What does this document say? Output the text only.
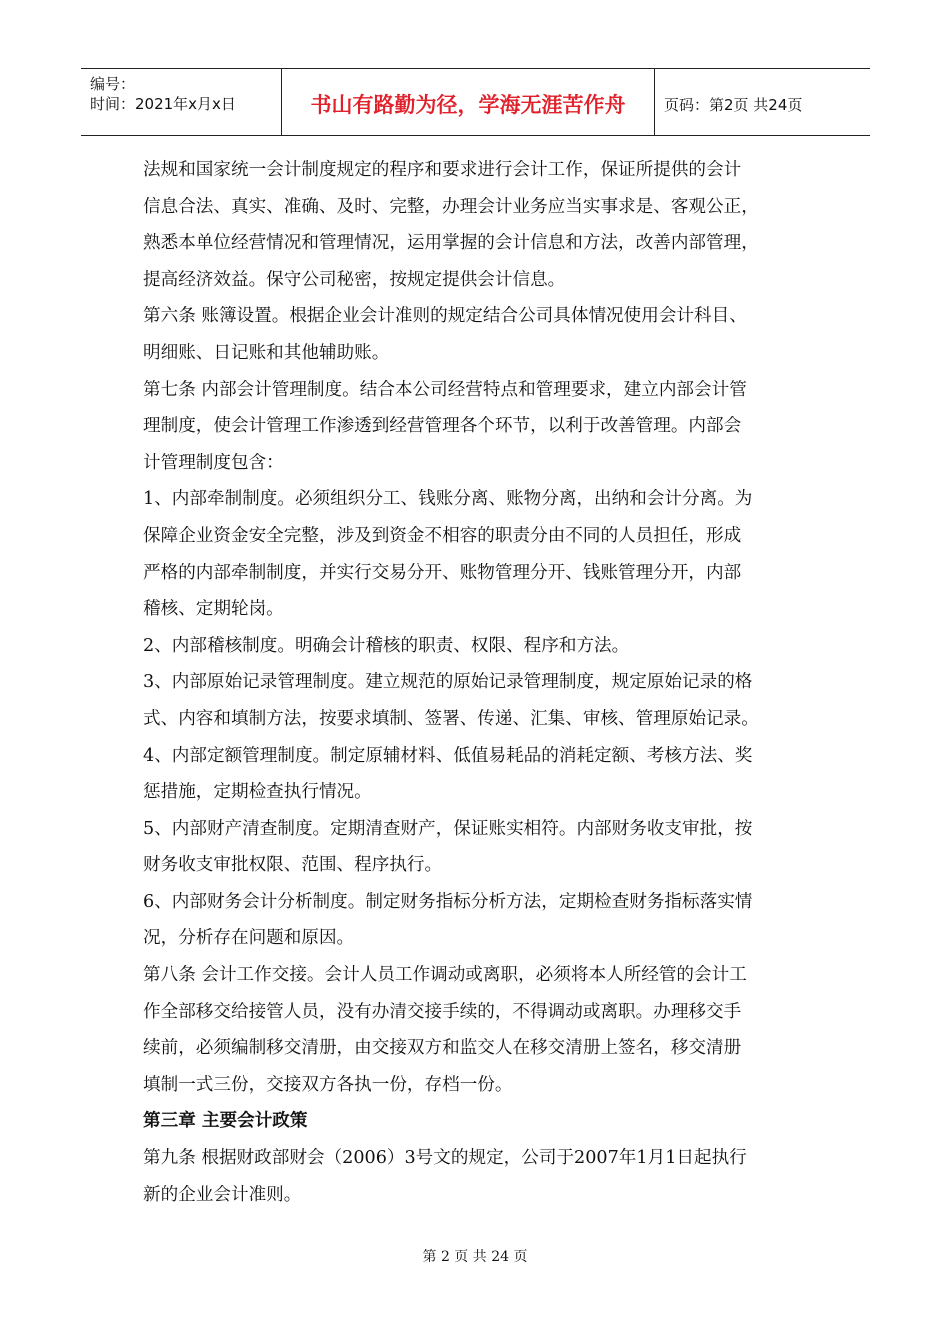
编号：
时间：2021年x月x日	书山有路勤为径，学海无涯苦作舟	页码：第2页 共24页
法规和国家统一会计制度规定的程序和要求进行会计工作，保证所提供的会计
信息合法、真实、准确、及时、完整，办理会计业务应当实事求是、客观公正，
熟悉本单位经营情况和管理情况，运用掌握的会计信息和方法，改善内部管理，
提高经济效益。保守公司秘密，按规定提供会计信息。
第六条 账簿设置。根据企业会计准则的规定结合公司具体情况使用会计科目、
明细账、日记账和其他辅助账。
第七条 内部会计管理制度。结合本公司经营特点和管理要求，建立内部会计管
理制度，使会计管理工作渗透到经营管理各个环节，以利于改善管理。内部会
计管理制度包含：
1、内部牵制制度。必须组织分工、钱账分离、账物分离，出纳和会计分离。为
保障企业资金安全完整，涉及到资金不相容的职责分由不同的人员担任，形成
严格的内部牵制制度，并实行交易分开、账物管理分开、钱账管理分开，内部
稽核、定期轮岗。
2、内部稽核制度。明确会计稽核的职责、权限、程序和方法。
3、内部原始记录管理制度。建立规范的原始记录管理制度，规定原始记录的格
式、内容和填制方法，按要求填制、签署、传递、汇集、审核、管理原始记录。
4、内部定额管理制度。制定原辅材料、低值易耗品的消耗定额、考核方法、奖
惩措施，定期检查执行情况。
5、内部财产清查制度。定期清查财产，保证账实相符。内部财务收支审批，按
财务收支审批权限、范围、程序执行。
6、内部财务会计分析制度。制定财务指标分析方法，定期检查财务指标落实情
况，分析存在问题和原因。
第八条 会计工作交接。会计人员工作调动或离职，必须将本人所经管的会计工
作全部移交给接管人员，没有办清交接手续的，不得调动或离职。办理移交手
续前，必须编制移交清册，由交接双方和监交人在移交清册上签名，移交清册
填制一式三份，交接双方各执一份，存档一份。
第三章 主要会计政策
第九条 根据财政部财会（2006）3号文的规定，公司于2007年1月1日起执行
新的企业会计准则。
第 2 页 共 24 页
